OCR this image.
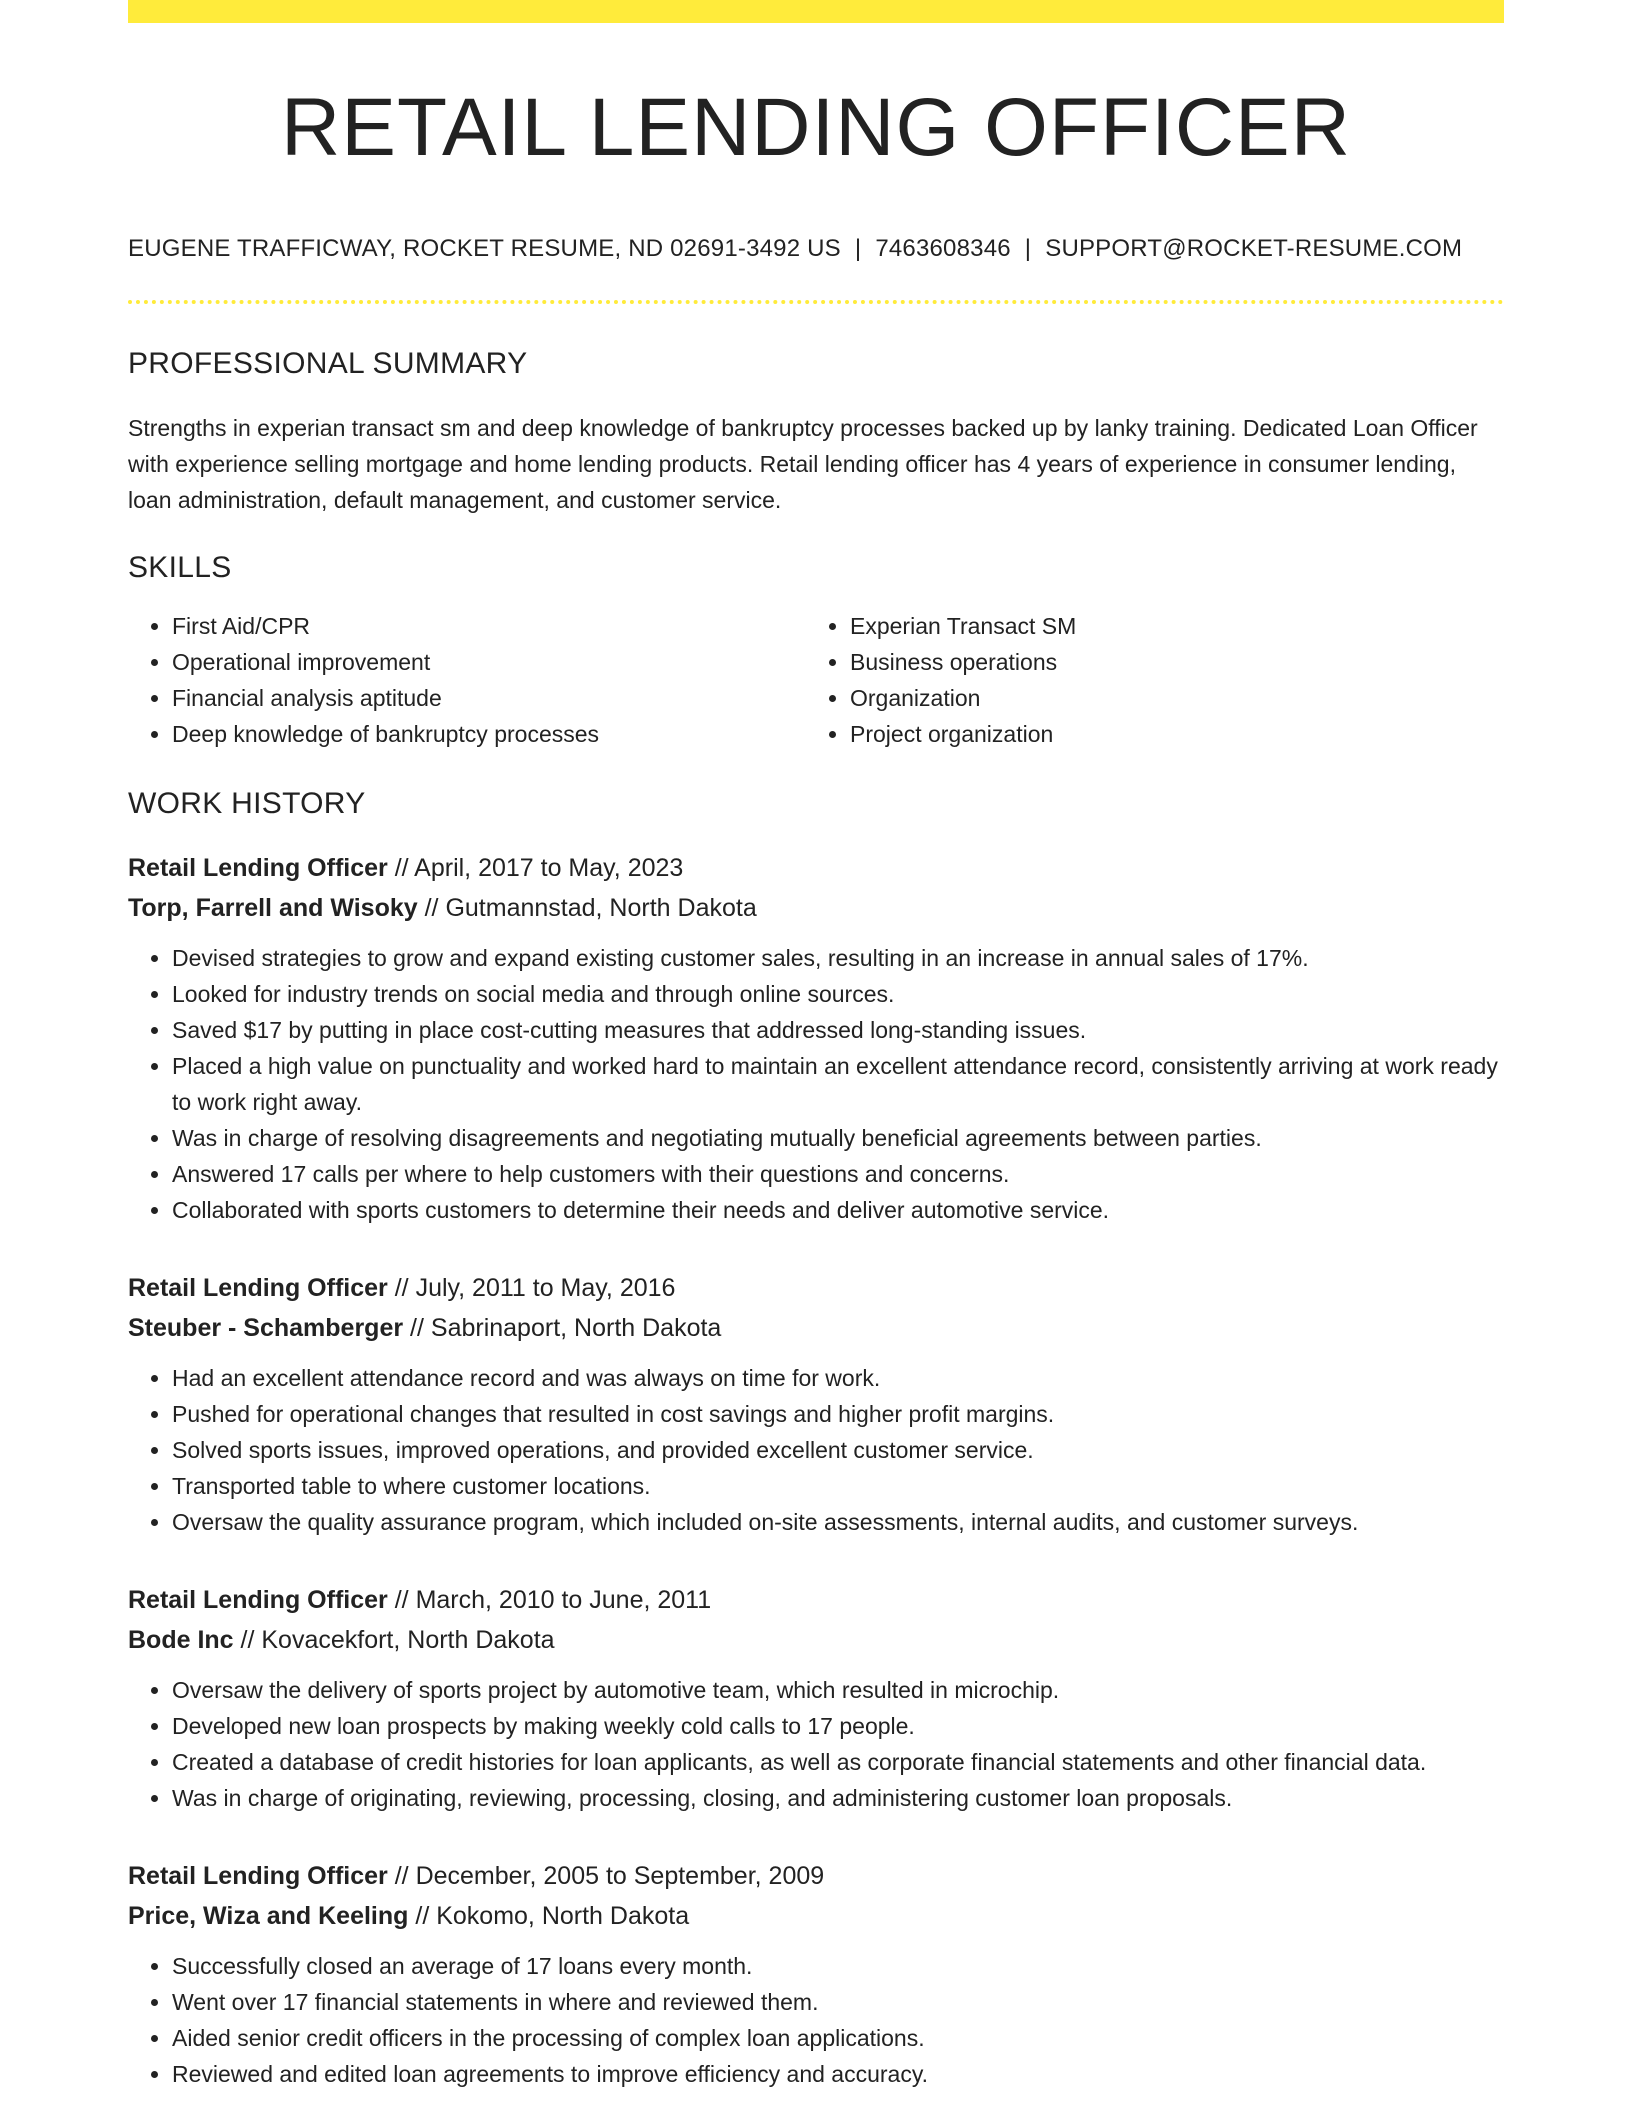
RETAIL LENDING OFFICER
EUGENE TRAFFICWAY, ROCKET RESUME, ND 02691-3492 US | 7463608346 | SUPPORT@ROCKET-RESUME.COM
PROFESSIONAL SUMMARY

Strengths in experian transact sm and deep knowledge of bankruptcy processes backed up by lanky training. Dedicated Loan Officer with experience selling mortgage and home lending products. Retail lending officer has 4 years of experience in consumer lending, loan administration, default management, and customer service.

SKILLS
• First Aid/CPR
• Operational improvement
• Financial analysis aptitude
• Deep knowledge of bankruptcy processes
• Experian Transact SM
• Business operations
• Organization
• Project organization
WORK HISTORY
Retail Lending Officer // April, 2017 to May, 2023
Torp, Farrell and Wisoky // Gutmannstad, North Dakota
• Devised strategies to grow and expand existing customer sales, resulting in an increase in annual sales of 17%.
• Looked for industry trends on social media and through online sources.
• Saved $17 by putting in place cost-cutting measures that addressed long-standing issues.
• Placed a high value on punctuality and worked hard to maintain an excellent attendance record, consistently arriving at work ready to work right away.
• Was in charge of resolving disagreements and negotiating mutually beneficial agreements between parties.
• Answered 17 calls per where to help customers with their questions and concerns.
• Collaborated with sports customers to determine their needs and deliver automotive service.
Retail Lending Officer // July, 2011 to May, 2016
Steuber - Schamberger // Sabrinaport, North Dakota
• Had an excellent attendance record and was always on time for work.
• Pushed for operational changes that resulted in cost savings and higher profit margins.
• Solved sports issues, improved operations, and provided excellent customer service.
• Transported table to where customer locations.
• Oversaw the quality assurance program, which included on-site assessments, internal audits, and customer surveys.
Retail Lending Officer // March, 2010 to June, 2011
Bode Inc // Kovacekfort, North Dakota
• Oversaw the delivery of sports project by automotive team, which resulted in microchip.
• Developed new loan prospects by making weekly cold calls to 17 people.
• Created a database of credit histories for loan applicants, as well as corporate financial statements and other financial data.
• Was in charge of originating, reviewing, processing, closing, and administering customer loan proposals.
Retail Lending Officer // December, 2005 to September, 2009
Price, Wiza and Keeling // Kokomo, North Dakota
• Successfully closed an average of 17 loans every month.
• Went over 17 financial statements in where and reviewed them.
• Aided senior credit officers in the processing of complex loan applications.
• Reviewed and edited loan agreements to improve efficiency and accuracy.
